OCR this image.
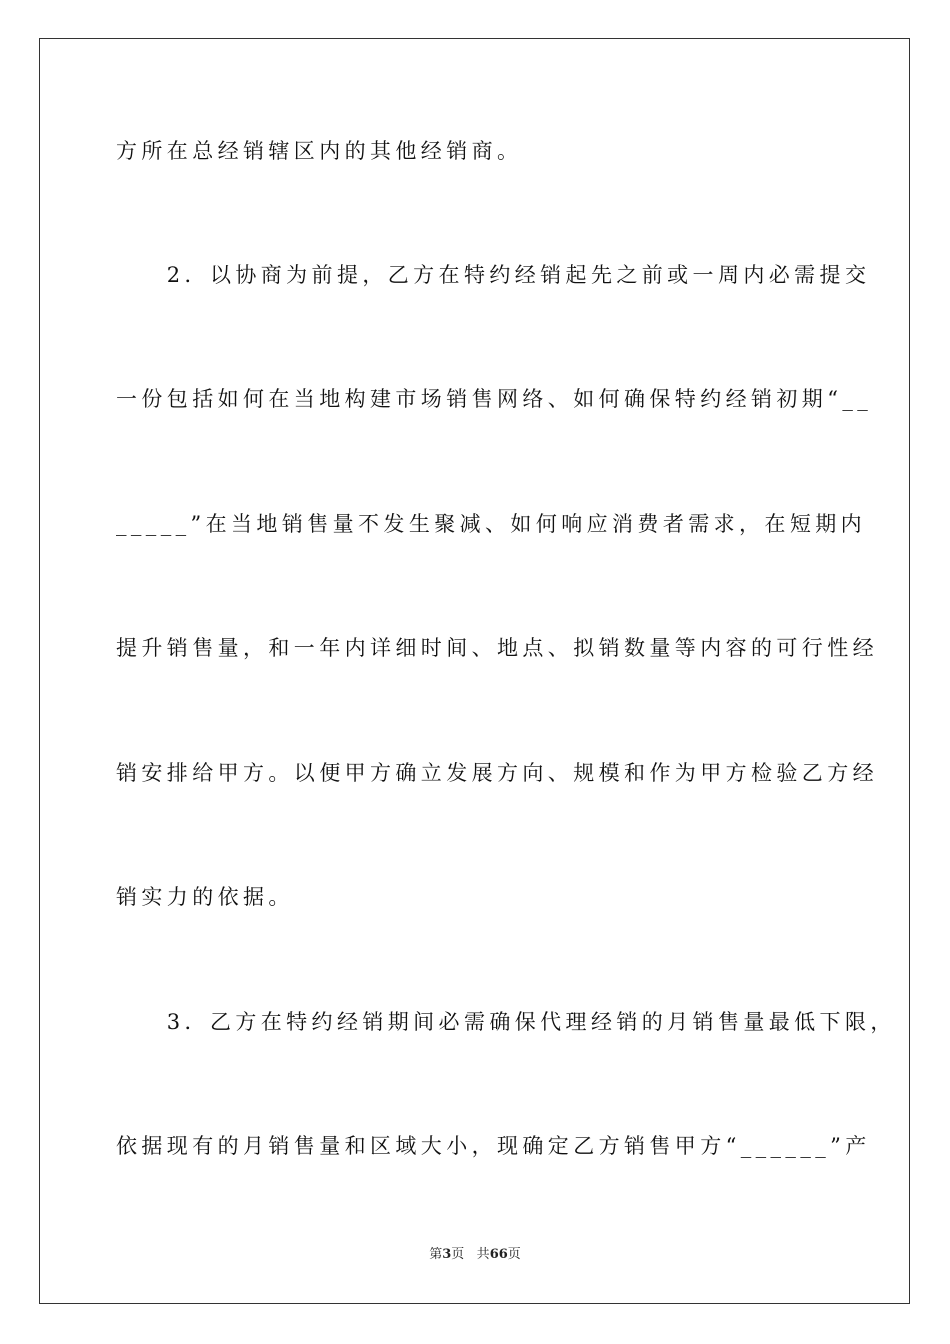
方所在总经销辖区内的其他经销商。
　　2．以协商为前提，乙方在特约经销起先之前或一周内必需提交
一份包括如何在当地构建市场销售网络、如何确保特约经销初期“__
_____”在当地销售量不发生聚减、如何响应消费者需求，在短期内
提升销售量，和一年内详细时间、地点、拟销数量等内容的可行性经
销安排给甲方。以便甲方确立发展方向、规模和作为甲方检验乙方经
销实力的依据。
　　3．乙方在特约经销期间必需确保代理经销的月销售量最低下限，
依据现有的月销售量和区域大小，现确定乙方销售甲方“______”产
第3页 共66页
